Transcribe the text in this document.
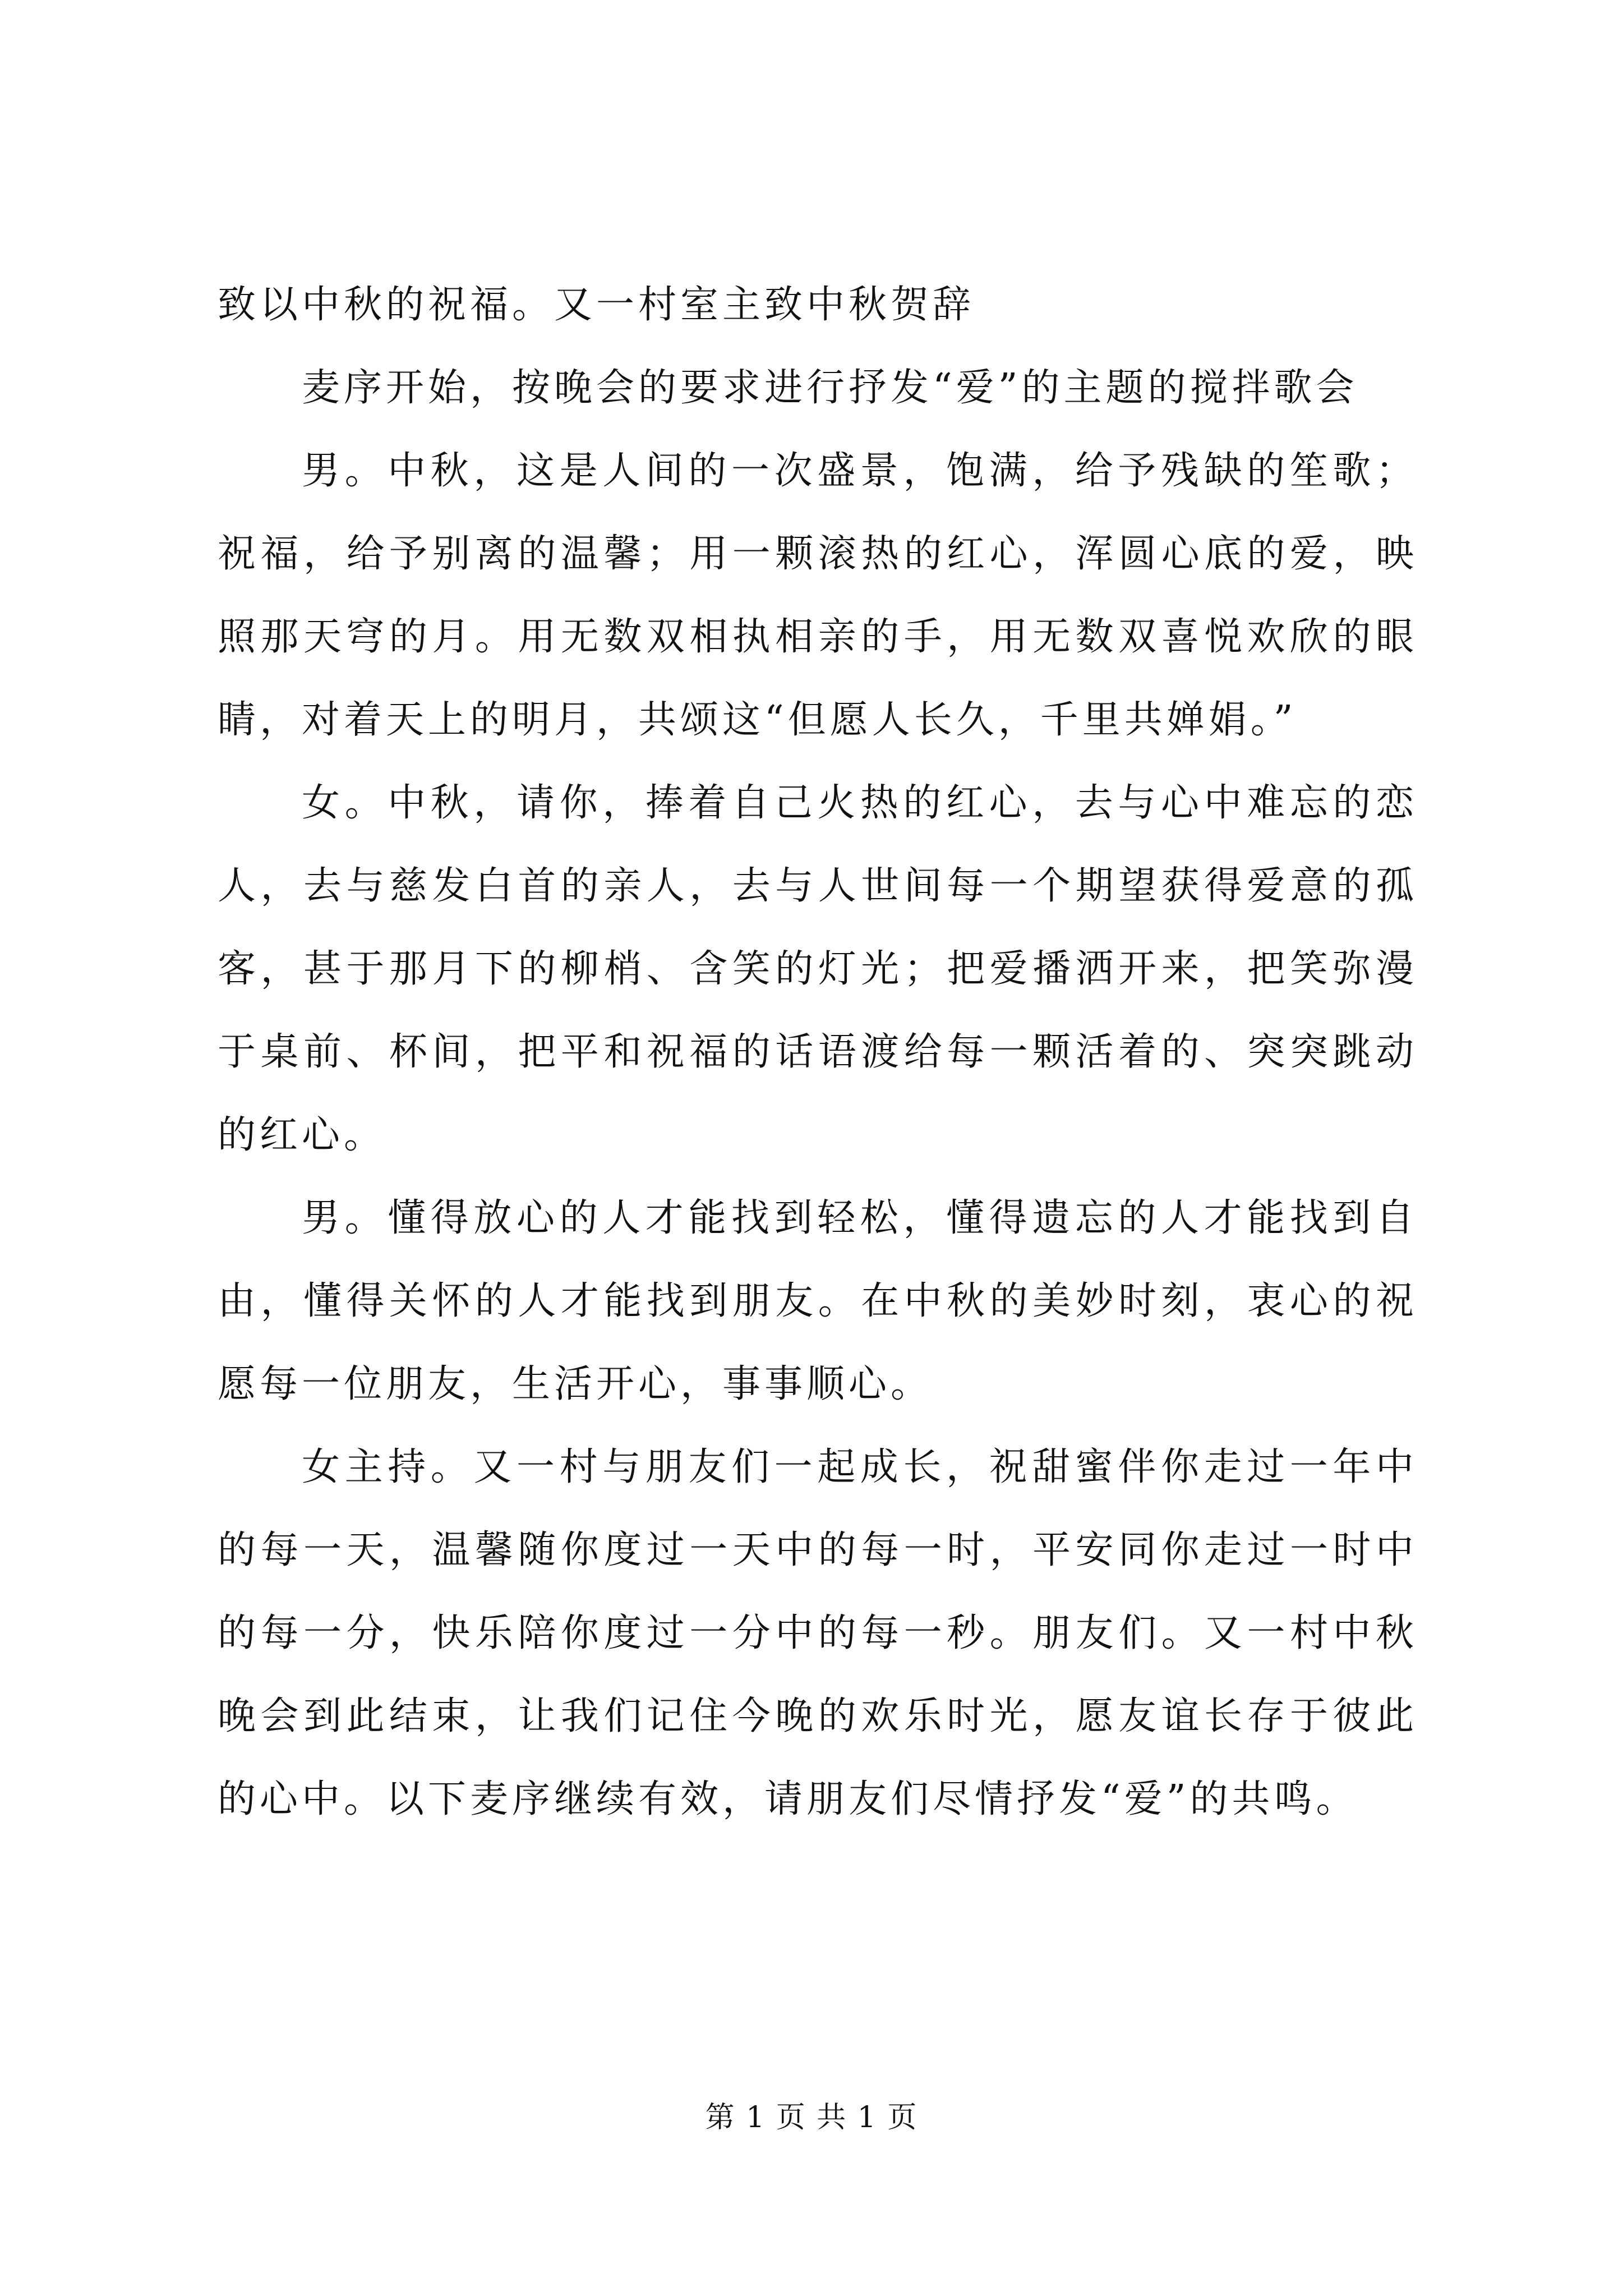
致以中秋的祝福。又一村室主致中秋贺辞

麦序开始，按晚会的要求进行抒发“爱”的主题的搅拌歌会

男。中秋，这是人间的一次盛景，饱满，给予残缺的笙歌；祝福，给予别离的温馨；用一颗滚热的红心，浑圆心底的爱，映照那天穹的月。用无数双相执相亲的手，用无数双喜悦欢欣的眼睛，对着天上的明月，共颂这“但愿人长久，千里共婵娟。”

女。中秋，请你，捧着自己火热的红心，去与心中难忘的恋人，去与慈发白首的亲人，去与人世间每一个期望获得爱意的孤客，甚于那月下的柳梢、含笑的灯光；把爱播洒开来，把笑弥漫于桌前、杯间，把平和祝福的话语渡给每一颗活着的、突突跳动的红心。

男。懂得放心的人才能找到轻松，懂得遗忘的人才能找到自由，懂得关怀的人才能找到朋友。在中秋的美妙时刻，衷心的祝愿每一位朋友，生活开心，事事顺心。

女主持。又一村与朋友们一起成长，祝甜蜜伴你走过一年中的每一天，温馨随你度过一天中的每一时，平安同你走过一时中的每一分，快乐陪你度过一分中的每一秒。朋友们。又一村中秋晚会到此结束，让我们记住今晚的欢乐时光，愿友谊长存于彼此的心中。以下麦序继续有效，请朋友们尽情抒发“爱”的共鸣。

第 1 页 共 1 页
